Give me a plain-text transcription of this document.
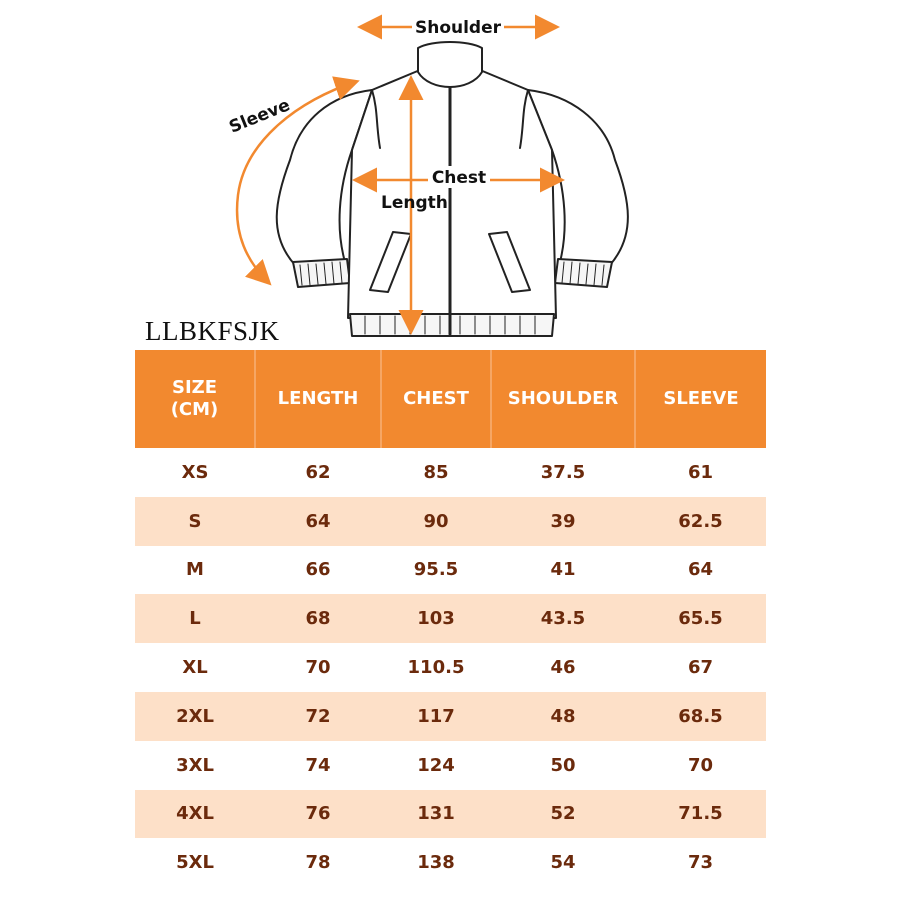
Shoulder
Chest
Length
Sleeve
LLBKFSJK
SIZE
(CM)	LENGTH	CHEST	SHOULDER	SLEEVE
XS	62	85	37.5	61
S	64	90	39	62.5
M	66	95.5	41	64
L	68	103	43.5	65.5
XL	70	110.5	46	67
2XL	72	117	48	68.5
3XL	74	124	50	70
4XL	76	131	52	71.5
5XL	78	138	54	73
